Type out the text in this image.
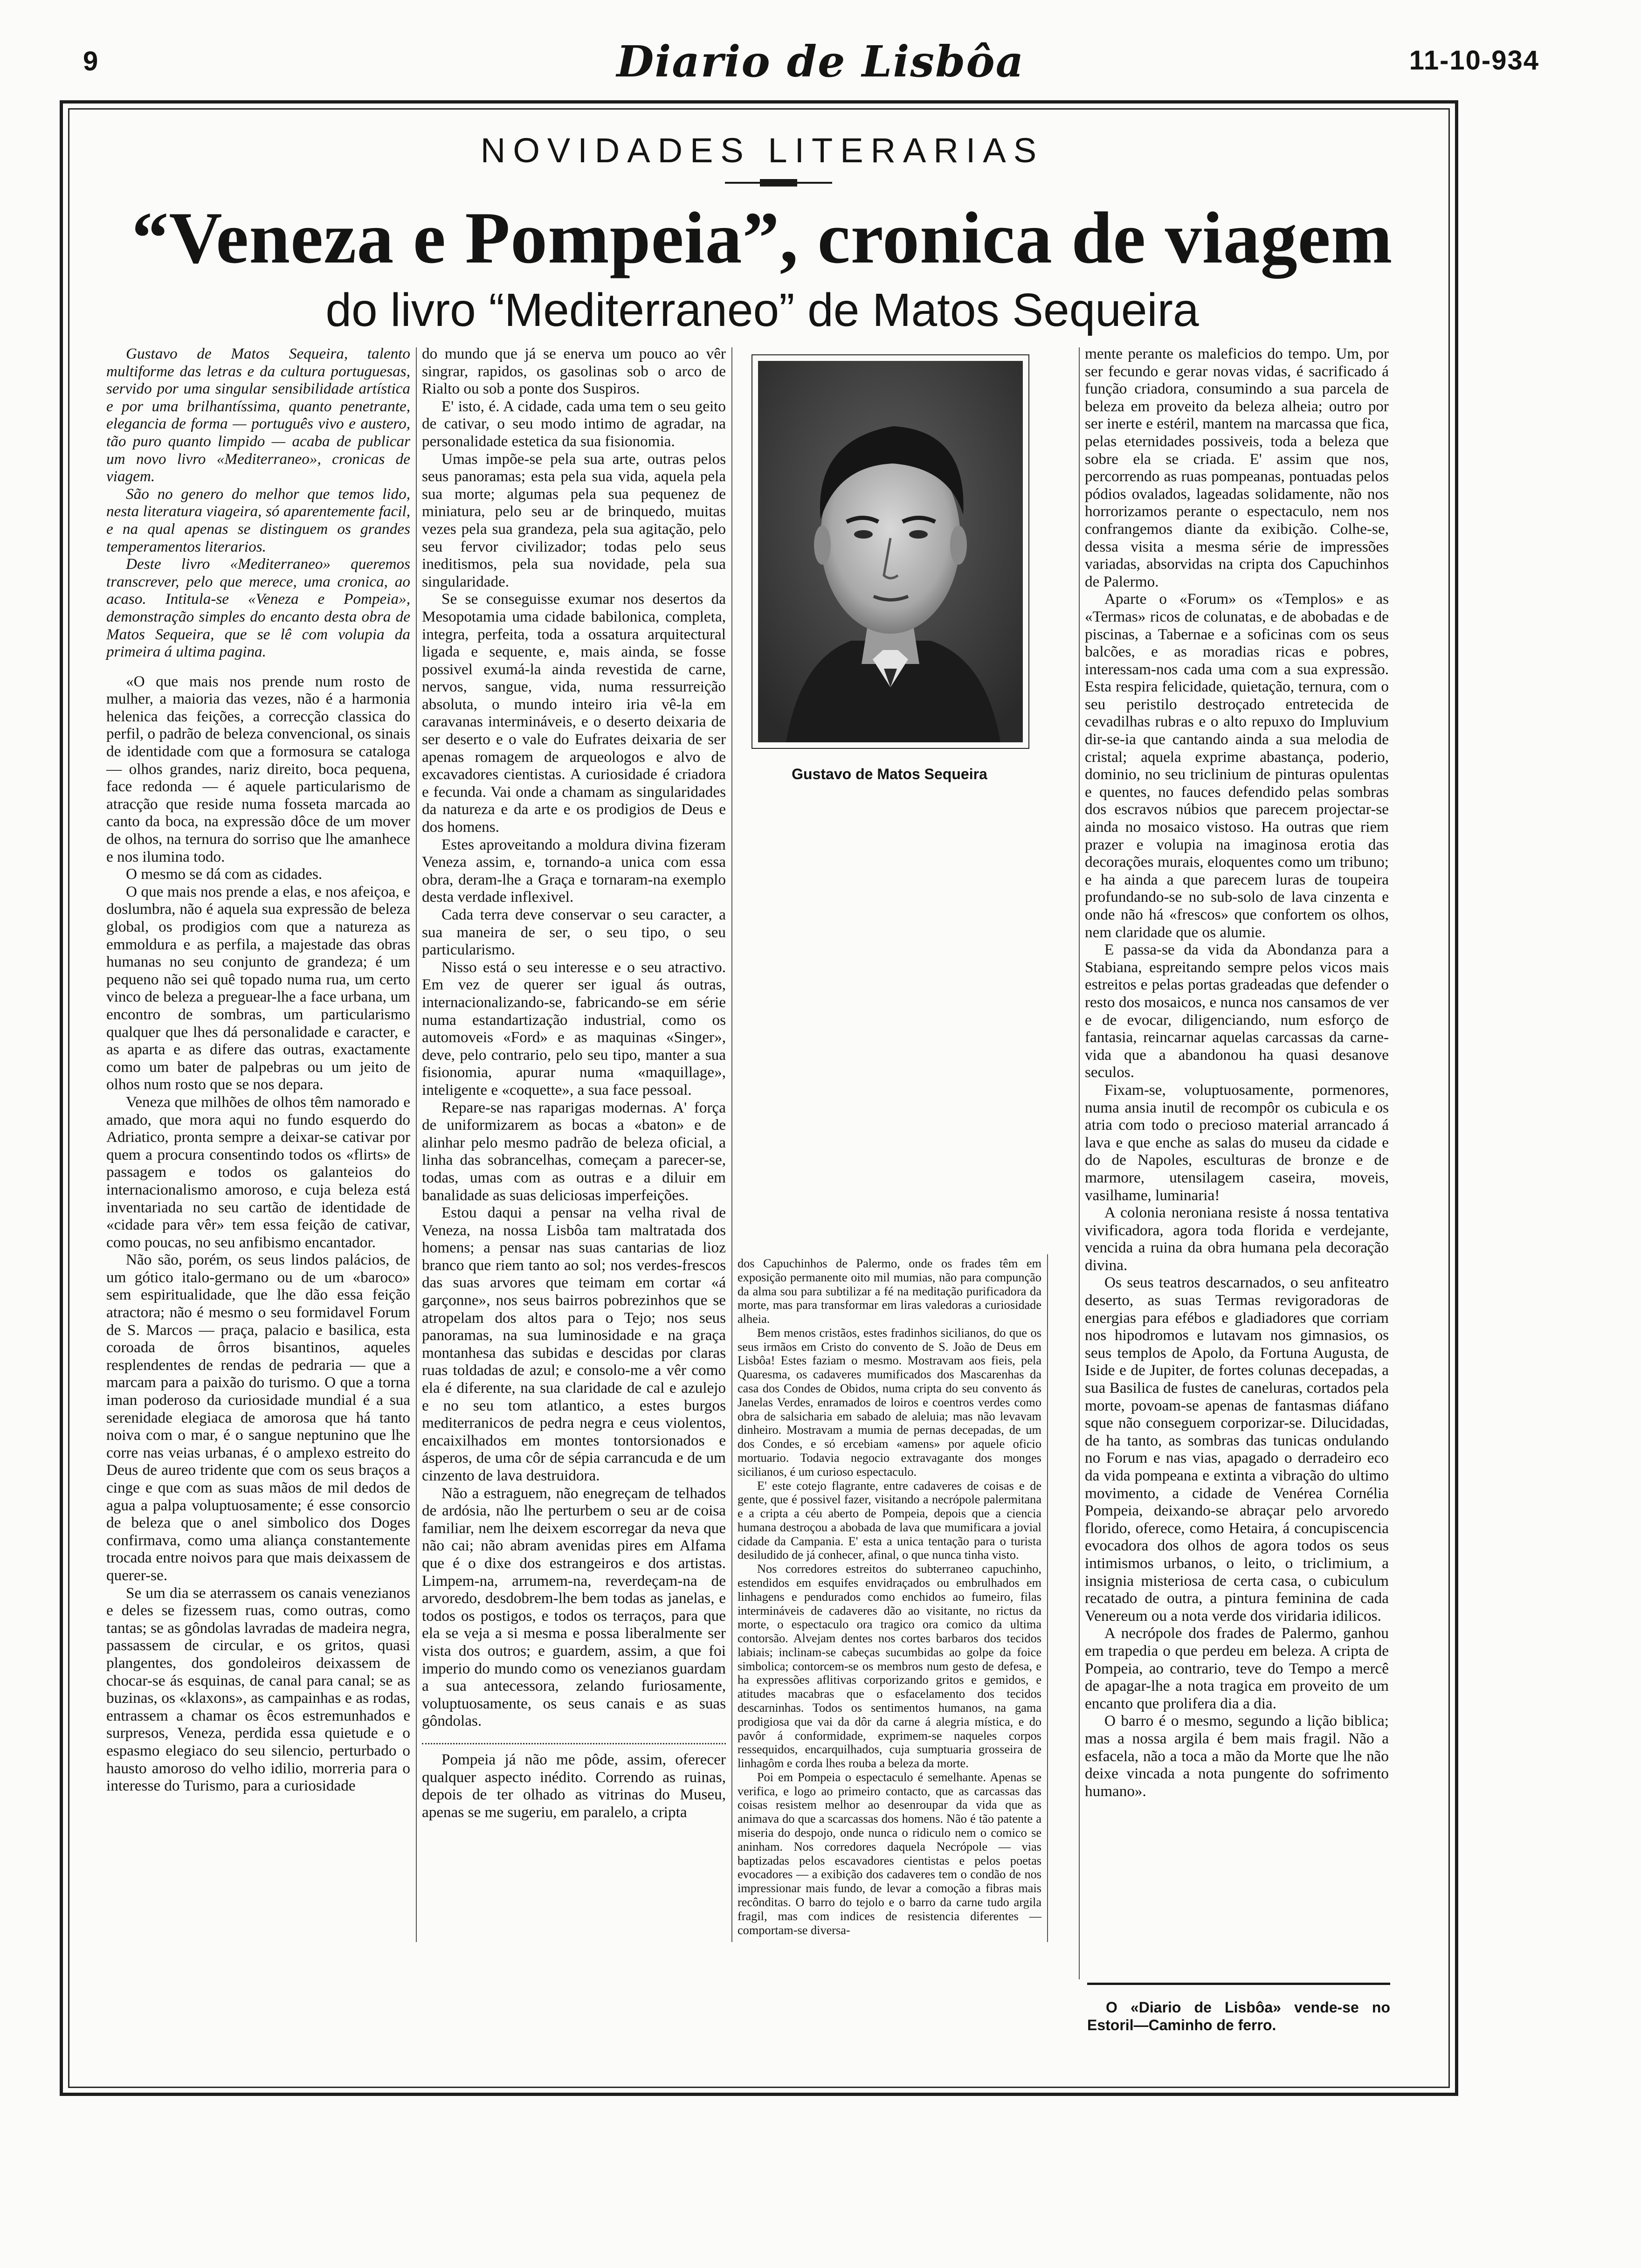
9	Diario de Lisbôa	11-10-934
NOVIDADES LITERARIAS
“Veneza e Pompeia”, cronica de viagem
do livro “Mediterraneo” de Matos Sequeira

Gustavo de Matos Sequeira, talento multiforme das letras e da cultura portuguesas, servido por uma singular sensibilidade artística e por uma brilhantíssima, quanto penetrante, elegancia de forma — português vivo e austero, tão puro quanto limpido — acaba de publicar um novo livro «Mediterraneo», cronicas de viagem.

São no genero do melhor que temos lido, nesta literatura viageira, só aparentemente facil, e na qual apenas se distinguem os grandes temperamentos literarios.

Deste livro «Mediterraneo» queremos transcrever, pelo que merece, uma cronica, ao acaso. Intitula-se «Veneza e Pompeia», demonstração simples do encanto desta obra de Matos Sequeira, que se lê com volupia da primeira á ultima pagina.

«O que mais nos prende num rosto de mulher, a maioria das vezes, não é a harmonia helenica das feições, a correcção classica do perfil, o padrão de beleza convencional, os sinais de identidade com que a formosura se cataloga — olhos grandes, nariz direito, boca pequena, face redonda — é aquele particularismo de atracção que reside numa fosseta marcada ao canto da boca, na expressão dôce de um mover de olhos, na ternura do sorriso que lhe amanhece e nos ilumina todo.

O mesmo se dá com as cidades.

O que mais nos prende a elas, e nos afeiçoa, e doslumbra, não é aquela sua expressão de beleza global, os prodigios com que a natureza as emmoldura e as perfila, a majestade das obras humanas no seu conjunto de grandeza; é um pequeno não sei quê topado numa rua, um certo vinco de beleza a preguear-lhe a face urbana, um encontro de sombras, um particularismo qualquer que lhes dá personalidade e caracter, e as aparta e as difere das outras, exactamente como um bater de palpebras ou um jeito de olhos num rosto que se nos depara.

Veneza que milhões de olhos têm namorado e amado, que mora aqui no fundo esquerdo do Adriatico, pronta sempre a deixar-se cativar por quem a procura consentindo todos os «flirts» de passagem e todos os galanteios do internacionalismo amoroso, e cuja beleza está inventariada no seu cartão de identidade de «cidade para vêr» tem essa feição de cativar, como poucas, no seu anfibismo encantador.

Não são, porém, os seus lindos palácios, de um gótico italo-germano ou de um «baroco» sem espiritualidade, que lhe dão essa feição atractora; não é mesmo o seu formidavel Forum de S. Marcos — praça, palacio e basilica, esta coroada de ôrros bisantinos, aqueles resplendentes de rendas de pedraria — que a marcam para a paixão do turismo. O que a torna iman poderoso da curiosidade mundial é a sua serenidade elegiaca de amorosa que há tanto noiva com o mar, é o sangue neptunino que lhe corre nas veias urbanas, é o amplexo estreito do Deus de aureo tridente que com os seus braços a cinge e que com as suas mãos de mil dedos de agua a palpa voluptuosamente; é esse consorcio de beleza que o anel simbolico dos Doges confirmava, como uma aliança constantemente trocada entre noivos para que mais deixassem de querer-se.

Se um dia se aterrassem os canais venezianos e deles se fizessem ruas, como outras, como tantas; se as gôndolas lavradas de madeira negra, passassem de circular, e os gritos, quasi plangentes, dos gondoleiros deixassem de chocar-se ás esquinas, de canal para canal; se as buzinas, os «klaxons», as campainhas e as rodas, entrassem a chamar os êcos estremunhados e surpresos, Veneza, perdida essa quietude e o espasmo elegiaco do seu silencio, perturbado o hausto amoroso do velho idilio, morreria para o interesse do Turismo, para a curiosidade

do mundo que já se enerva um pouco ao vêr singrar, rapidos, os gasolinas sob o arco de Rialto ou sob a ponte dos Suspiros.

E' isto, é. A cidade, cada uma tem o seu geito de cativar, o seu modo intimo de agradar, na personalidade estetica da sua fisionomia.

Umas impõe-se pela sua arte, outras pelos seus panoramas; esta pela sua vida, aquela pela sua morte; algumas pela sua pequenez de miniatura, pelo seu ar de brinquedo, muitas vezes pela sua grandeza, pela sua agitação, pelo seu fervor civilizador; todas pelo seus ineditismos, pela sua novidade, pela sua singularidade.

Se se conseguisse exumar nos desertos da Mesopotamia uma cidade babilonica, completa, integra, perfeita, toda a ossatura arquitectural ligada e sequente, e, mais ainda, se fosse possivel exumá-la ainda revestida de carne, nervos, sangue, vida, numa ressurreição absoluta, o mundo inteiro iria vê-la em caravanas intermináveis, e o deserto deixaria de ser deserto e o vale do Eufrates deixaria de ser apenas romagem de arqueologos e alvo de excavadores cientistas. A curiosidade é criadora e fecunda. Vai onde a chamam as singularidades da natureza e da arte e os prodigios de Deus e dos homens.

Estes aproveitando a moldura divina fizeram Veneza assim, e, tornando-a unica com essa obra, deram-lhe a Graça e tornaram-na exemplo desta verdade inflexivel.

Cada terra deve conservar o seu caracter, a sua maneira de ser, o seu tipo, o seu particularismo.

Nisso está o seu interesse e o seu atractivo. Em vez de querer ser igual ás outras, internacionalizando-se, fabricando-se em série numa estandartização industrial, como os automoveis «Ford» e as maquinas «Singer», deve, pelo contrario, pelo seu tipo, manter a sua fisionomia, apurar numa «maquillage», inteligente e «coquette», a sua face pessoal.

Repare-se nas raparigas modernas. A' força de uniformizarem as bocas a «baton» e de alinhar pelo mesmo padrão de beleza oficial, a linha das sobrancelhas, começam a parecer-se, todas, umas com as outras e a diluir em banalidade as suas deliciosas imperfeições.

Estou daqui a pensar na velha rival de Veneza, na nossa Lisbôa tam maltratada dos homens; a pensar nas suas cantarias de lioz branco que riem tanto ao sol; nos verdes-frescos das suas arvores que teimam em cortar «á garçonne», nos seus bairros pobrezinhos que se atropelam dos altos para o Tejo; nos seus panoramas, na sua luminosidade e na graça montanhesa das subidas e descidas por claras ruas toldadas de azul; e consolo-me a vêr como ela é diferente, na sua claridade de cal e azulejo e no seu tom atlantico, a estes burgos mediterranicos de pedra negra e ceus violentos, encaixilhados em montes tontorsionados e ásperos, de uma côr de sépia carrancuda e de um cinzento de lava destruidora.

Não a estraguem, não enegreçam de telhados de ardósia, não lhe perturbem o seu ar de coisa familiar, nem lhe deixem escorregar da neva que não cai; não abram avenidas pires em Alfama que é o dixe dos estrangeiros e dos artistas. Limpem-na, arrumem-na, reverdeçam-na de arvoredo, desdobrem-lhe bem todas as janelas, e todos os postigos, e todos os terraços, para que ela se veja a si mesma e possa liberalmente ser vista dos outros; e guardem, assim, a que foi imperio do mundo como os venezianos guardam a sua antecessora, zelando furiosamente, voluptuosamente, os seus canais e as suas gôndolas.

Pompeia já não me pôde, assim, oferecer qualquer aspecto inédito. Correndo as ruinas, depois de ter olhado as vitrinas do Museu, apenas se me sugeriu, em paralelo, a cripta

Gustavo de Matos Sequeira

dos Capuchinhos de Palermo, onde os frades têm em exposição permanente oito mil mumias, não para compunção da alma sou para subtilizar a fé na meditação purificadora da morte, mas para transformar em liras valedoras a curiosidade alheia.

Bem menos cristãos, estes fradinhos sicilianos, do que os seus irmãos em Cristo do convento de S. João de Deus em Lisbôa! Estes faziam o mesmo. Mostravam aos fieis, pela Quaresma, os cadaveres mumificados dos Mascarenhas da casa dos Condes de Obidos, numa cripta do seu convento ás Janelas Verdes, enramados de loiros e coentros verdes como obra de salsicharia em sabado de aleluia; mas não levavam dinheiro. Mostravam a mumia de pernas decepadas, de um dos Condes, e só ercebiam «amens» por aquele oficio mortuario. Todavia negocio extravagante dos monges sicilianos, é um curioso espectaculo.

E' este cotejo flagrante, entre cadaveres de coisas e de gente, que é possivel fazer, visitando a necrópole palermitana e a cripta a céu aberto de Pompeia, depois que a ciencia humana destroçou a abobada de lava que mumificara a jovial cidade da Campania. E' esta a unica tentação para o turista desiludido de já conhecer, afinal, o que nunca tinha visto.

Nos corredores estreitos do subterraneo capuchinho, estendidos em esquifes envidraçados ou embrulhados em linhagens e pendurados como enchidos ao fumeiro, filas intermináveis de cadaveres dão ao visitante, no rictus da morte, o espectaculo ora tragico ora comico da ultima contorsão. Alvejam dentes nos cortes barbaros dos tecidos labiais; inclinam-se cabeças sucumbidas ao golpe da foice simbolica; contorcem-se os membros num gesto de defesa, e ha expressões aflitivas corporizando gritos e gemidos, e atitudes macabras que o esfacelamento dos tecidos descarninhas. Todos os sentimentos humanos, na gama prodigiosa que vai da dôr da carne á alegria mística, e do pavôr á conformidade, exprimem-se naqueles corpos ressequidos, encarquilhados, cuja sumptuaria grosseira de linhagôm e corda lhes rouba a beleza da morte.

Poi em Pompeia o espectaculo é semelhante. Apenas se verifica, e logo ao primeiro contacto, que as carcassas das coisas resistem melhor ao desenroupar da vida que as animava do que a scarcassas dos homens. Não é tão patente a miseria do despojo, onde nunca o ridiculo nem o comico se aninham. Nos corredores daquela Necrópole — vias baptizadas pelos escavadores cientistas e pelos poetas evocadores — a exibição dos cadaveres tem o condão de nos impressionar mais fundo, de levar a comoção a fibras mais recônditas. O barro do tejolo e o barro da carne tudo argila fragil, mas com indices de resistencia diferentes — comportam-se diversa-

mente perante os maleficios do tempo. Um, por ser fecundo e gerar novas vidas, é sacrificado á função criadora, consumindo a sua parcela de beleza em proveito da beleza alheia; outro por ser inerte e estéril, mantem na marcassa que fica, pelas eternidades possiveis, toda a beleza que sobre ela se criada. E' assim que nos, percorrendo as ruas pompeanas, pontuadas pelos pódios ovalados, lageadas solidamente, não nos horrorizamos perante o espectaculo, nem nos confrangemos diante da exibição. Colhe-se, dessa visita a mesma série de impressões variadas, absorvidas na cripta dos Capuchinhos de Palermo.

Aparte o «Forum» os «Templos» e as «Termas» ricos de colunatas, e de abobadas e de piscinas, a Tabernae e a soficinas com os seus balcões, e as moradias ricas e pobres, interessam-nos cada uma com a sua expressão. Esta respira felicidade, quietação, ternura, com o seu peristilo destroçado entretecida de cevadilhas rubras e o alto repuxo do Impluvium dir-se-ia que cantando ainda a sua melodia de cristal; aquela exprime abastança, poderio, dominio, no seu triclinium de pinturas opulentas e quentes, no fauces defendido pelas sombras dos escravos núbios que parecem projectar-se ainda no mosaico vistoso. Ha outras que riem prazer e volupia na imaginosa erotia das decorações murais, eloquentes como um tribuno; e ha ainda a que parecem luras de toupeira profundando-se no sub-solo de lava cinzenta e onde não há «frescos» que confortem os olhos, nem claridade que os alumie.

E passa-se da vida da Abondanza para a Stabiana, espreitando sempre pelos vicos mais estreitos e pelas portas gradeadas que defender o resto dos mosaicos, e nunca nos cansamos de ver e de evocar, diligenciando, num esforço de fantasia, reincarnar aquelas carcassas da carne-vida que a abandonou ha quasi desanove seculos.

Fixam-se, voluptuosamente, pormenores, numa ansia inutil de recompôr os cubicula e os atria com todo o precioso material arrancado á lava e que enche as salas do museu da cidade e do de Napoles, esculturas de bronze e de marmore, utensilagem caseira, moveis, vasilhame, luminaria!

A colonia neroniana resiste á nossa tentativa vivificadora, agora toda florida e verdejante, vencida a ruina da obra humana pela decoração divina.

Os seus teatros descarnados, o seu anfiteatro deserto, as suas Termas revigoradoras de energias para efébos e gladiadores que corriam nos hipodromos e lutavam nos gimnasios, os seus templos de Apolo, da Fortuna Augusta, de Iside e de Jupiter, de fortes colunas decepadas, a sua Basilica de fustes de caneluras, cortados pela morte, povoam-se apenas de fantasmas diáfano sque não conseguem corporizar-se. Dilucidadas, de ha tanto, as sombras das tunicas ondulando no Forum e nas vias, apagado o derradeiro eco da vida pompeana e extinta a vibração do ultimo movimento, a cidade de Venérea Cornélia Pompeia, deixando-se abraçar pelo arvoredo florido, oferece, como Hetaira, á concupiscencia evocadora dos olhos de agora todos os seus intimismos urbanos, o leito, o triclimium, a insignia misteriosa de certa casa, o cubiculum recatado de outra, a pintura feminina de cada Venereum ou a nota verde dos viridaria idilicos.

A necrópole dos frades de Palermo, ganhou em trapedia o que perdeu em beleza. A cripta de Pompeia, ao contrario, teve do Tempo a mercê de apagar-lhe a nota tragica em proveito de um encanto que prolifera dia a dia.

O barro é o mesmo, segundo a lição biblica; mas a nossa argila é bem mais fragil. Não a esfacela, não a toca a mão da Morte que lhe não deixe vincada a nota pungente do sofrimento humano».

O «Diario de Lisbôa» vende-se no Estoril—Caminho de ferro.
